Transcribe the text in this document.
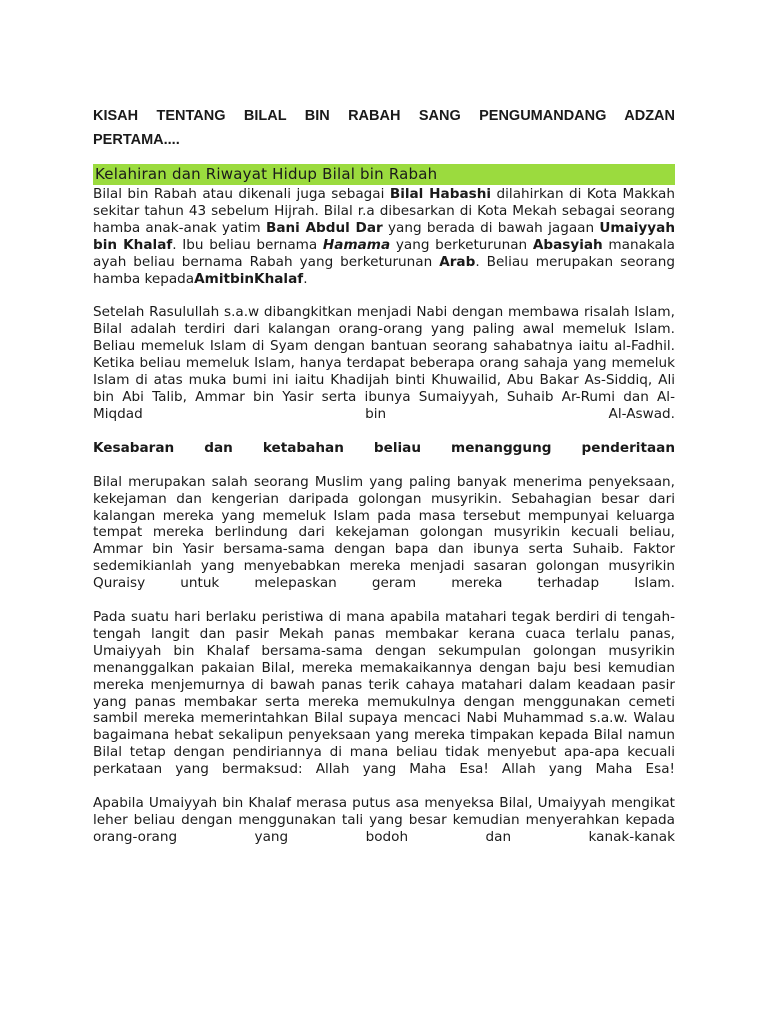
KISAH TENTANG BILAL BIN RABAH SANG PENGUMANDANG ADZAN PERTAMA....
Kelahiran dan Riwayat Hidup Bilal bin Rabah

Bilal bin Rabah atau dikenali juga sebagai Bilal Habashi dilahirkan di Kota Makkah sekitar tahun 43 sebelum Hijrah. Bilal r.a dibesarkan di Kota Mekah sebagai seorang hamba anak-anak yatim Bani Abdul Dar yang berada di bawah jagaan Umaiyyah bin Khalaf. Ibu beliau bernama Hamama yang berketurunan Abasyiah manakala ayah beliau bernama Rabah yang berketurunan Arab. Beliau merupakan seorang hamba kepadaAmitbinKhalaf.

Setelah Rasulullah s.a.w dibangkitkan menjadi Nabi dengan membawa risalah Islam, Bilal adalah terdiri dari kalangan orang-orang yang paling awal memeluk Islam. Beliau memeluk Islam di Syam dengan bantuan seorang sahabatnya iaitu al-Fadhil. Ketika beliau memeluk Islam, hanya terdapat beberapa orang sahaja yang memeluk Islam di atas muka bumi ini iaitu Khadijah binti Khuwailid, Abu Bakar As-Siddiq, Ali bin Abi Talib, Ammar bin Yasir serta ibunya Sumaiyyah, Suhaib Ar-Rumi dan Al-Miqdad bin Al-Aswad.

Kesabaran dan ketabahan beliau menanggung penderitaan

Bilal merupakan salah seorang Muslim yang paling banyak menerima penyeksaan, kekejaman dan kengerian daripada golongan musyrikin. Sebahagian besar dari kalangan mereka yang memeluk Islam pada masa tersebut mempunyai keluarga tempat mereka berlindung dari kekejaman golongan musyrikin kecuali beliau, Ammar bin Yasir bersama-sama dengan bapa dan ibunya serta Suhaib. Faktor sedemikianlah yang menyebabkan mereka menjadi sasaran golongan musyrikin Quraisy untuk melepaskan geram mereka terhadap Islam.

Pada suatu hari berlaku peristiwa di mana apabila matahari tegak berdiri di tengah-tengah langit dan pasir Mekah panas membakar kerana cuaca terlalu panas, Umaiyyah bin Khalaf bersama-sama dengan sekumpulan golongan musyrikin menanggalkan pakaian Bilal, mereka memakaikannya dengan baju besi kemudian mereka menjemurnya di bawah panas terik cahaya matahari dalam keadaan pasir yang panas membakar serta mereka memukulnya dengan menggunakan cemeti sambil mereka memerintahkan Bilal supaya mencaci Nabi Muhammad s.a.w. Walau bagaimana hebat sekalipun penyeksaan yang mereka timpakan kepada Bilal namun Bilal tetap dengan pendiriannya di mana beliau tidak menyebut apa-apa kecuali perkataan yang bermaksud: Allah yang Maha Esa! Allah yang Maha Esa!

Apabila Umaiyyah bin Khalaf merasa putus asa menyeksa Bilal, Umaiyyah mengikat leher beliau dengan menggunakan tali yang besar kemudian menyerahkan kepada orang-orang yang bodoh dan kanak-kanak
